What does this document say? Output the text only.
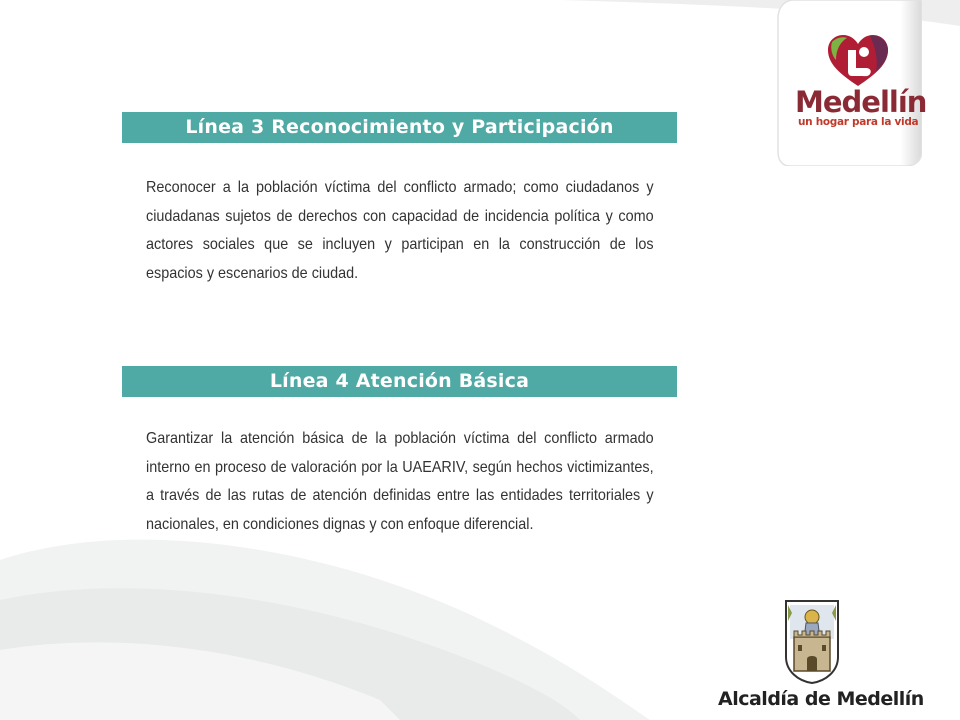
Medellín
un hogar para la vida
Línea 3 Reconocimiento y Participación

Reconocer a la población víctima del conflicto armado; como ciudadanos y ciudadanas sujetos de derechos con capacidad de incidencia política y como actores sociales que se incluyen y participan en la construcción de los espacios y escenarios de ciudad.

Línea 4 Atención Básica

Garantizar la atención básica de la población víctima del conflicto armado interno en proceso de valoración por la UAEARIV, según hechos victimizantes, a través de las rutas de atención definidas entre las entidades territoriales y nacionales, en condiciones dignas y con enfoque diferencial.

Alcaldía de Medellín
